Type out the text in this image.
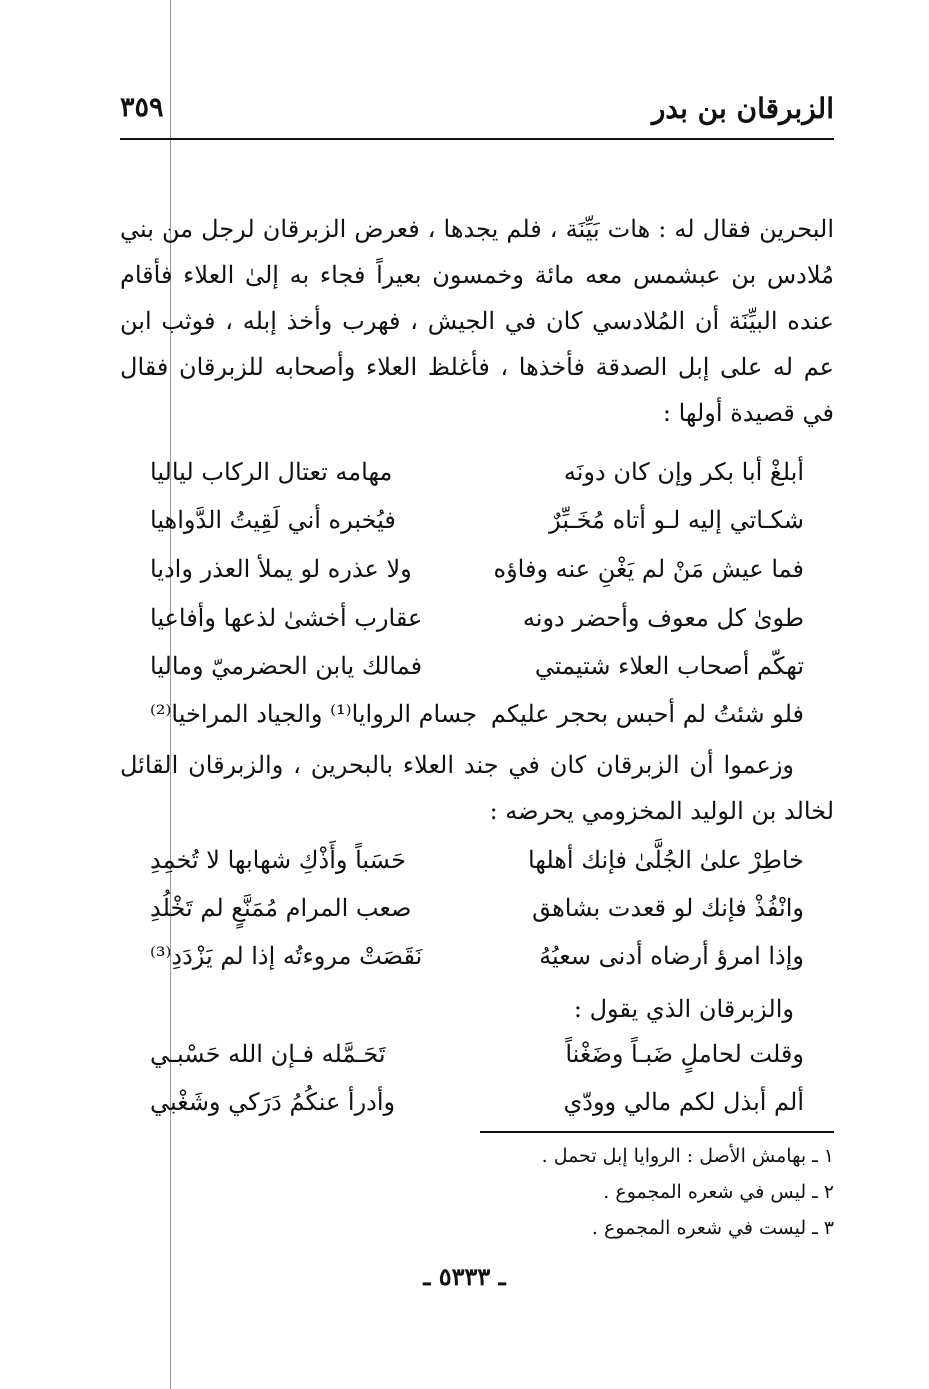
الزبرقان بن بدر
٣٥٩

البحرين فقال له : هات بَيِّنَة ، فلم يجدها ، فعرض الزبرقان لرجل من بني مُلادس بن عبشمس معه مائة وخمسون بعيراً فجاء به إلىٰ العلاء فأقام عنده البيِّنَة أن المُلادسي كان في الجيش ، فهرب وأخذ إبله ، فوثب ابن عم له على إبل الصدقة فأخذها ، فأغلظ العلاء وأصحابه للزبرقان فقال في قصيدة أولها :

أبلغْ أبا بكر وإن كان دونَه
مهامه تعتال الركاب لياليا
شكـاتي إليه لـو أتاه مُخَـبِّرٌ
فيُخبره أني لَقِيتُ الدَّواهيا
فما عيش مَنْ لم يَغْنِ عنه وفاؤه
ولا عذره لو يملأ العذر واديا
طوىٰ كل معوف وأحضر دونه
عقارب أخشىٰ لذعها وأفاعيا
تهكّم أصحاب العلاء شتيمتي
فمالك يابن الحضرميّ وماليا
فلو شئتُ لم أحبس بحجر عليكم
جسام الروايا⁽¹⁾ والجياد المراخيا⁽²⁾

وزعموا أن الزبرقان كان في جند العلاء بالبحرين ، والزبرقان القائل لخالد بن الوليد المخزومي يحرضه :

خاطِرْ علىٰ الجُلَّىٰ فإنك أهلها
حَسَباً وأَذْكِ شهابها لا تُخمِدِ
وانْفُذْ فإنك لو قعدت بشاهق
صعب المرام مُمَنَّعٍ لم تَخْلُدِ
وإذا امرؤ أرضاه أدنى سعيُهُ
نَقَصَتْ مروءتُه إذا لم يَزْدَدِ⁽³⁾

والزبرقان الذي يقول :

وقلت لحاملٍ ضَبـاً وضَغْناً
تَحَـمَّله فـإن الله حَسْبـي
ألم أبذل لكم مالي وودّي
وأدرأ عنكُمُ دَرَكي وشَغْبي
١ ـ بهامش الأصل : الروايا إبل تحمل .
٢ ـ ليس في شعره المجموع .
٣ ـ ليست في شعره المجموع .
ـ ٥٣٣٣ ـ
